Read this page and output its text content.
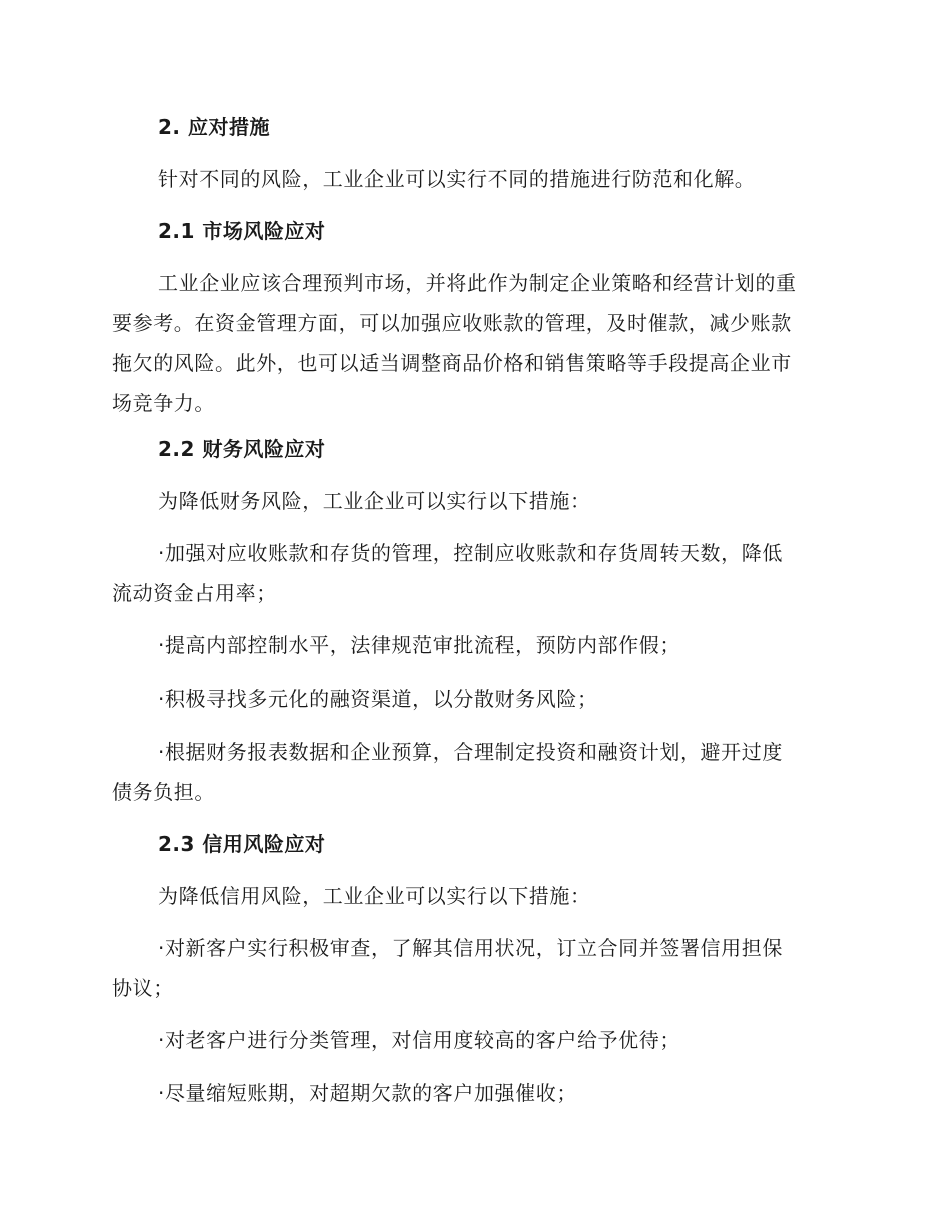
2. 应对措施
针对不同的风险，工业企业可以实行不同的措施进行防范和化解。
2.1 市场风险应对
工业企业应该合理预判市场，并将此作为制定企业策略和经营计划的重
要参考。在资金管理方面，可以加强应收账款的管理，及时催款，减少账款
拖欠的风险。此外，也可以适当调整商品价格和销售策略等手段提高企业市
场竞争力。
2.2 财务风险应对
为降低财务风险，工业企业可以实行以下措施：
·加强对应收账款和存货的管理，控制应收账款和存货周转天数，降低
流动资金占用率；
·提高内部控制水平，法律规范审批流程，预防内部作假；
·积极寻找多元化的融资渠道，以分散财务风险；
·根据财务报表数据和企业预算，合理制定投资和融资计划，避开过度
债务负担。
2.3 信用风险应对
为降低信用风险，工业企业可以实行以下措施：
·对新客户实行积极审查，了解其信用状况，订立合同并签署信用担保
协议；
·对老客户进行分类管理，对信用度较高的客户给予优待；
·尽量缩短账期，对超期欠款的客户加强催收；
